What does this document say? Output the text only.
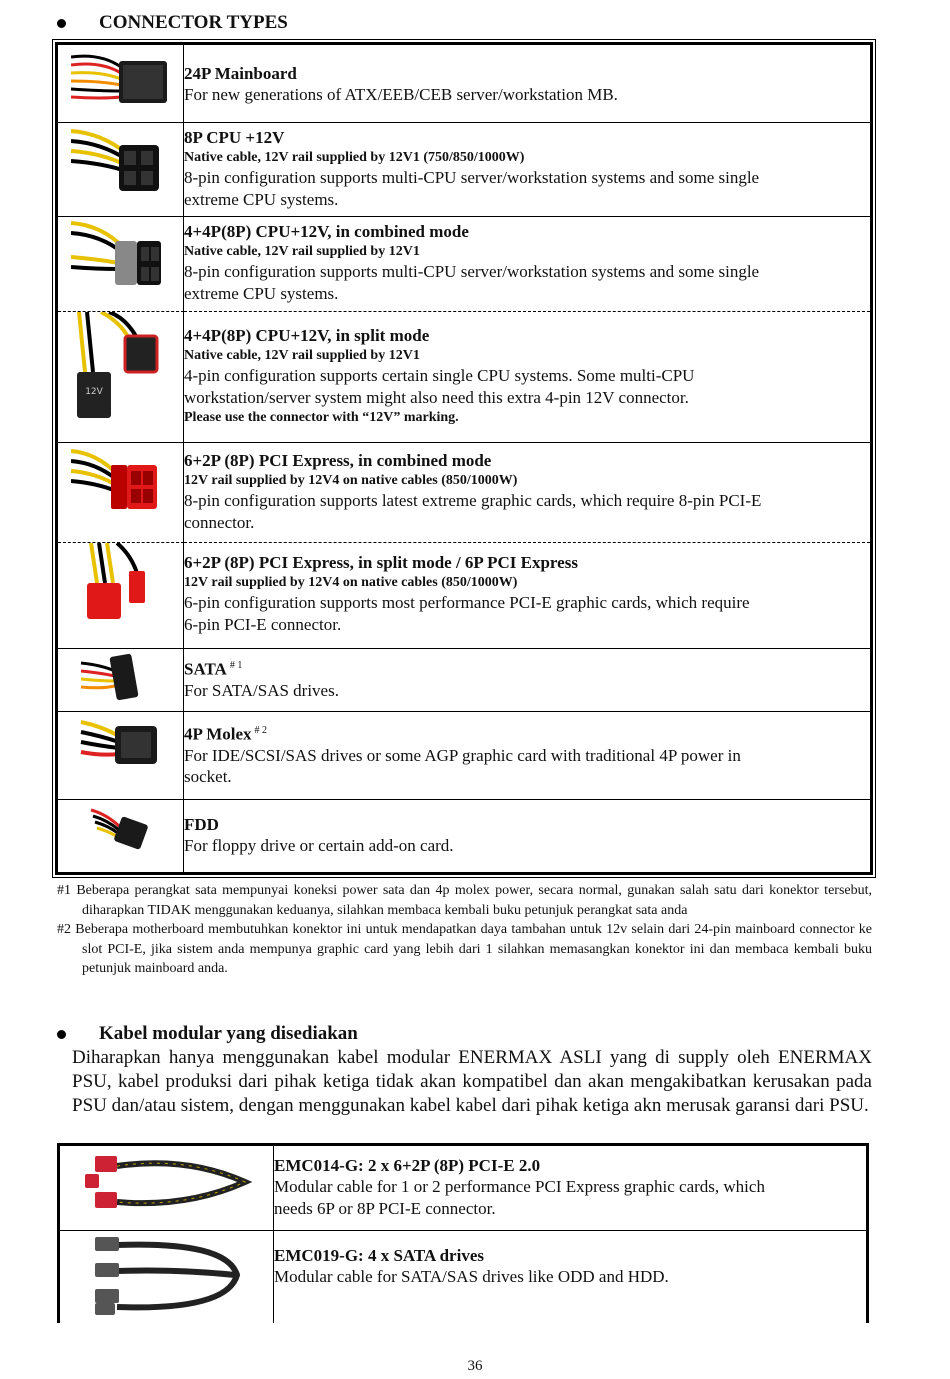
CONNECTOR TYPES

24P Mainboard
For new generations of ATX/EEB/CEB server/workstation MB.

8P CPU +12V
Native cable, 12V rail supplied by 12V1 (750/850/1000W)
8-pin configuration supports multi-CPU server/workstation systems and some single
extreme CPU systems.

4+4P(8P) CPU+12V, in combined mode
Native cable, 12V rail supplied by 12V1
8-pin configuration supports multi-CPU server/workstation systems and some single
extreme CPU systems.

12V	4+4P(8P) CPU+12V, in split mode
Native cable, 12V rail supplied by 12V1
4-pin configuration supports certain single CPU systems. Some multi-CPU
workstation/server system might also need this extra 4-pin 12V connector.
Please use the connector with “12V” marking.

6+2P (8P) PCI Express, in combined mode
12V rail supplied by 12V4 on native cables (850/1000W)
8-pin configuration supports latest extreme graphic cards, which require 8-pin PCI-E
connector.

6+2P (8P) PCI Express, in split mode / 6P PCI Express
12V rail supplied by 12V4 on native cables (850/1000W)
6-pin configuration supports most performance PCI-E graphic cards, which require
6-pin PCI-E connector.

SATA $^{\# 1}$
For SATA/SAS drives.

4P Molex $^{\# 2}$
For IDE/SCSI/SAS drives or some AGP graphic card with traditional 4P power in
socket.

FDD
For floppy drive or certain add-on card.
#1 Beberapa perangkat sata mempunyai koneksi power sata dan 4p molex power, secara normal, gunakan salah satu dari konektor tersebut, diharapkan TIDAK menggunakan keduanya, silahkan membaca kembali buku petunjuk perangkat sata anda
#2 Beberapa motherboard membutuhkan konektor ini untuk mendapatkan daya tambahan untuk 12v selain dari 24-pin mainboard connector ke slot PCI-E, jika sistem anda mempunya graphic card yang lebih dari 1 silahkan memasangkan konektor ini dan membaca kembali buku petunjuk mainboard anda.
Kabel modular yang disediakan
Diharapkan hanya menggunakan kabel modular ENERMAX ASLI yang di supply oleh ENERMAX PSU, kabel produksi dari pihak ketiga tidak akan kompatibel dan akan mengakibatkan kerusakan pada PSU dan/atau sistem, dengan menggunakan kabel kabel dari pihak ketiga akn merusak garansi dari PSU.

EMC014-G: 2 x 6+2P (8P) PCI-E 2.0
Modular cable for 1 or 2 performance PCI Express graphic cards, which
needs 6P or 8P PCI-E connector.

EMC019-G: 4 x SATA drives
Modular cable for SATA/SAS drives like ODD and HDD.
36
